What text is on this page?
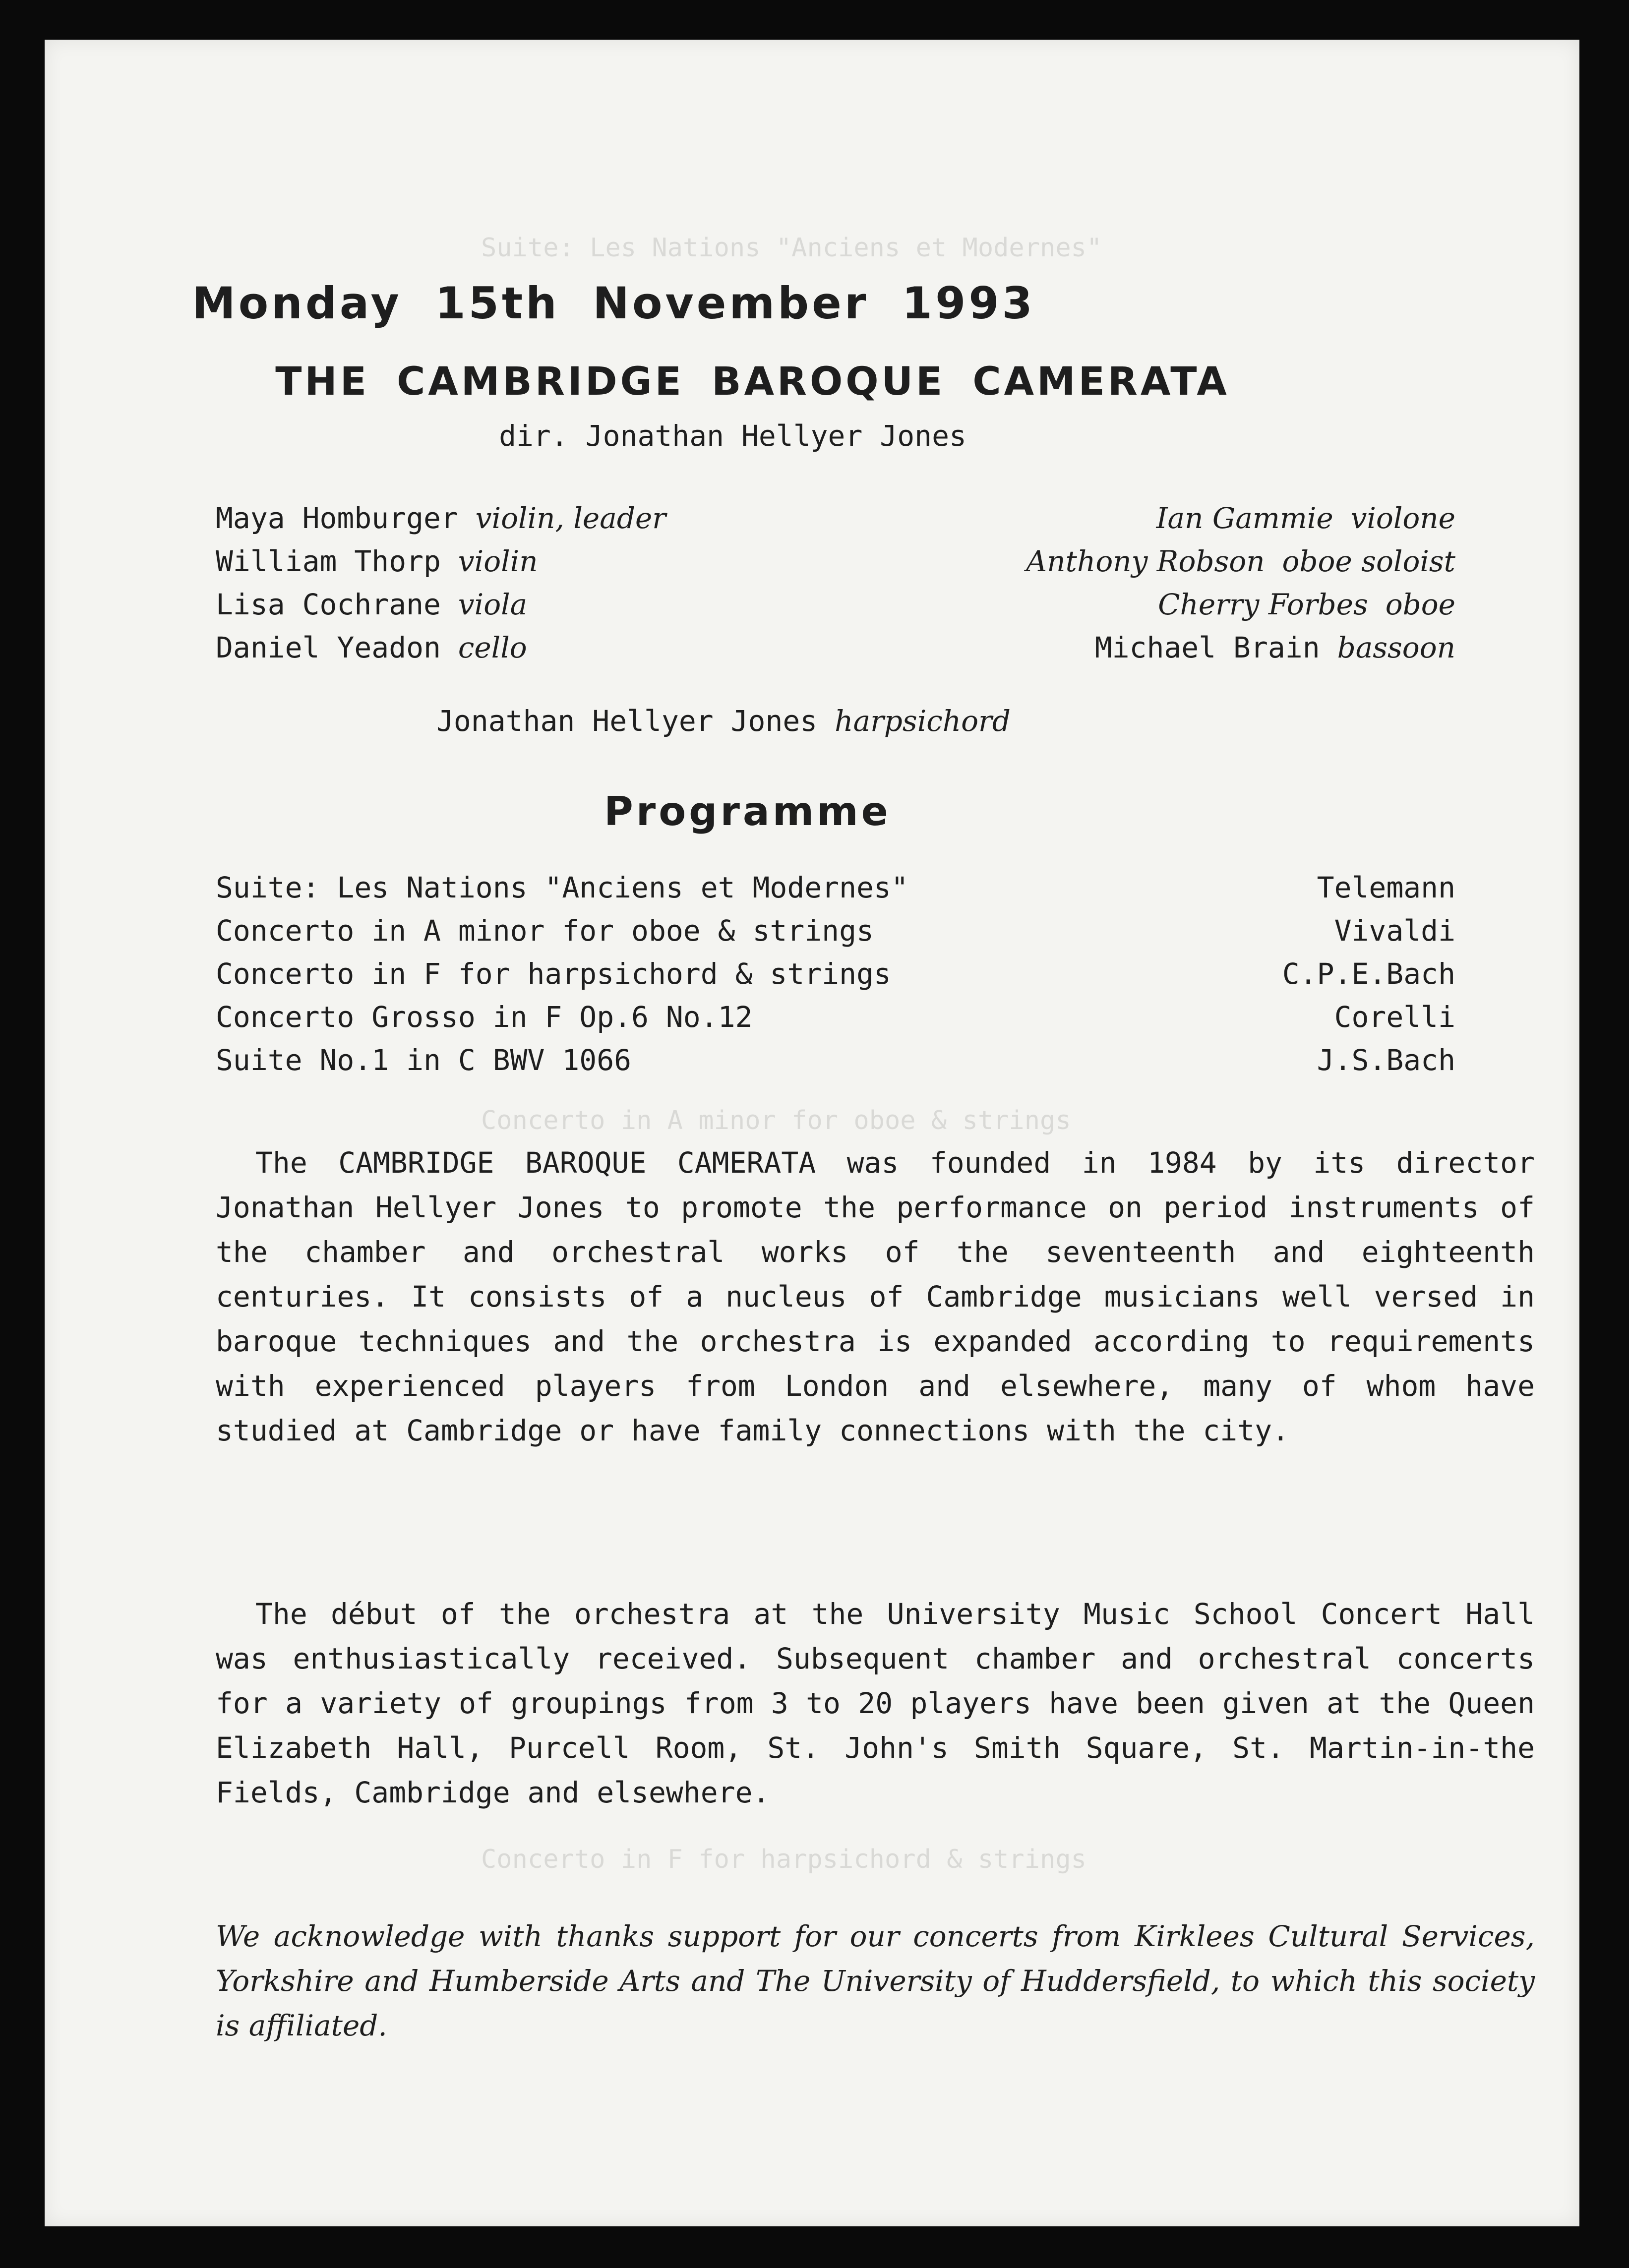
Suite: Les Nations "Anciens et Modernes"
Concerto in A minor for oboe & strings
Concerto in F for harpsichord & strings
Monday 15th November 1993
THE CAMBRIDGE BAROQUE CAMERATA
dir. Jonathan Hellyer Jones
Maya Homburger violin, leader	Ian Gammie violone
William Thorp violin	Anthony Robson oboe soloist
Lisa Cochrane viola	Cherry Forbes oboe
Daniel Yeadon cello	Michael Brain bassoon
Jonathan Hellyer Jones harpsichord
Programme
Suite: Les Nations "Anciens et Modernes"	Telemann
Concerto in A minor for oboe & strings	Vivaldi
Concerto in F for harpsichord & strings	C.P.E.Bach
Concerto Grosso in F Op.6 No.12	Corelli
Suite No.1 in C BWV 1066	J.S.Bach

The CAMBRIDGE BAROQUE CAMERATA was founded in 1984 by its director Jonathan Hellyer Jones to promote the performance on period instruments of the chamber and orchestral works of the seventeenth and eighteenth centuries. It consists of a nucleus of Cambridge musicians well versed in baroque techniques and the orchestra is expanded according to requirements with experienced players from London and elsewhere, many of whom have studied at Cambridge or have family connections with the city.

The début of the orchestra at the University Music School Concert Hall was enthusiastically received. Subsequent chamber and orchestral concerts for a variety of groupings from 3 to 20 players have been given at the Queen Elizabeth Hall, Purcell Room, St. John's Smith Square, St. Martin-in-the Fields, Cambridge and elsewhere.

We acknowledge with thanks support for our concerts from Kirklees Cultural Services, Yorkshire and Humberside Arts and The University of Huddersfield, to which this society is affiliated.
